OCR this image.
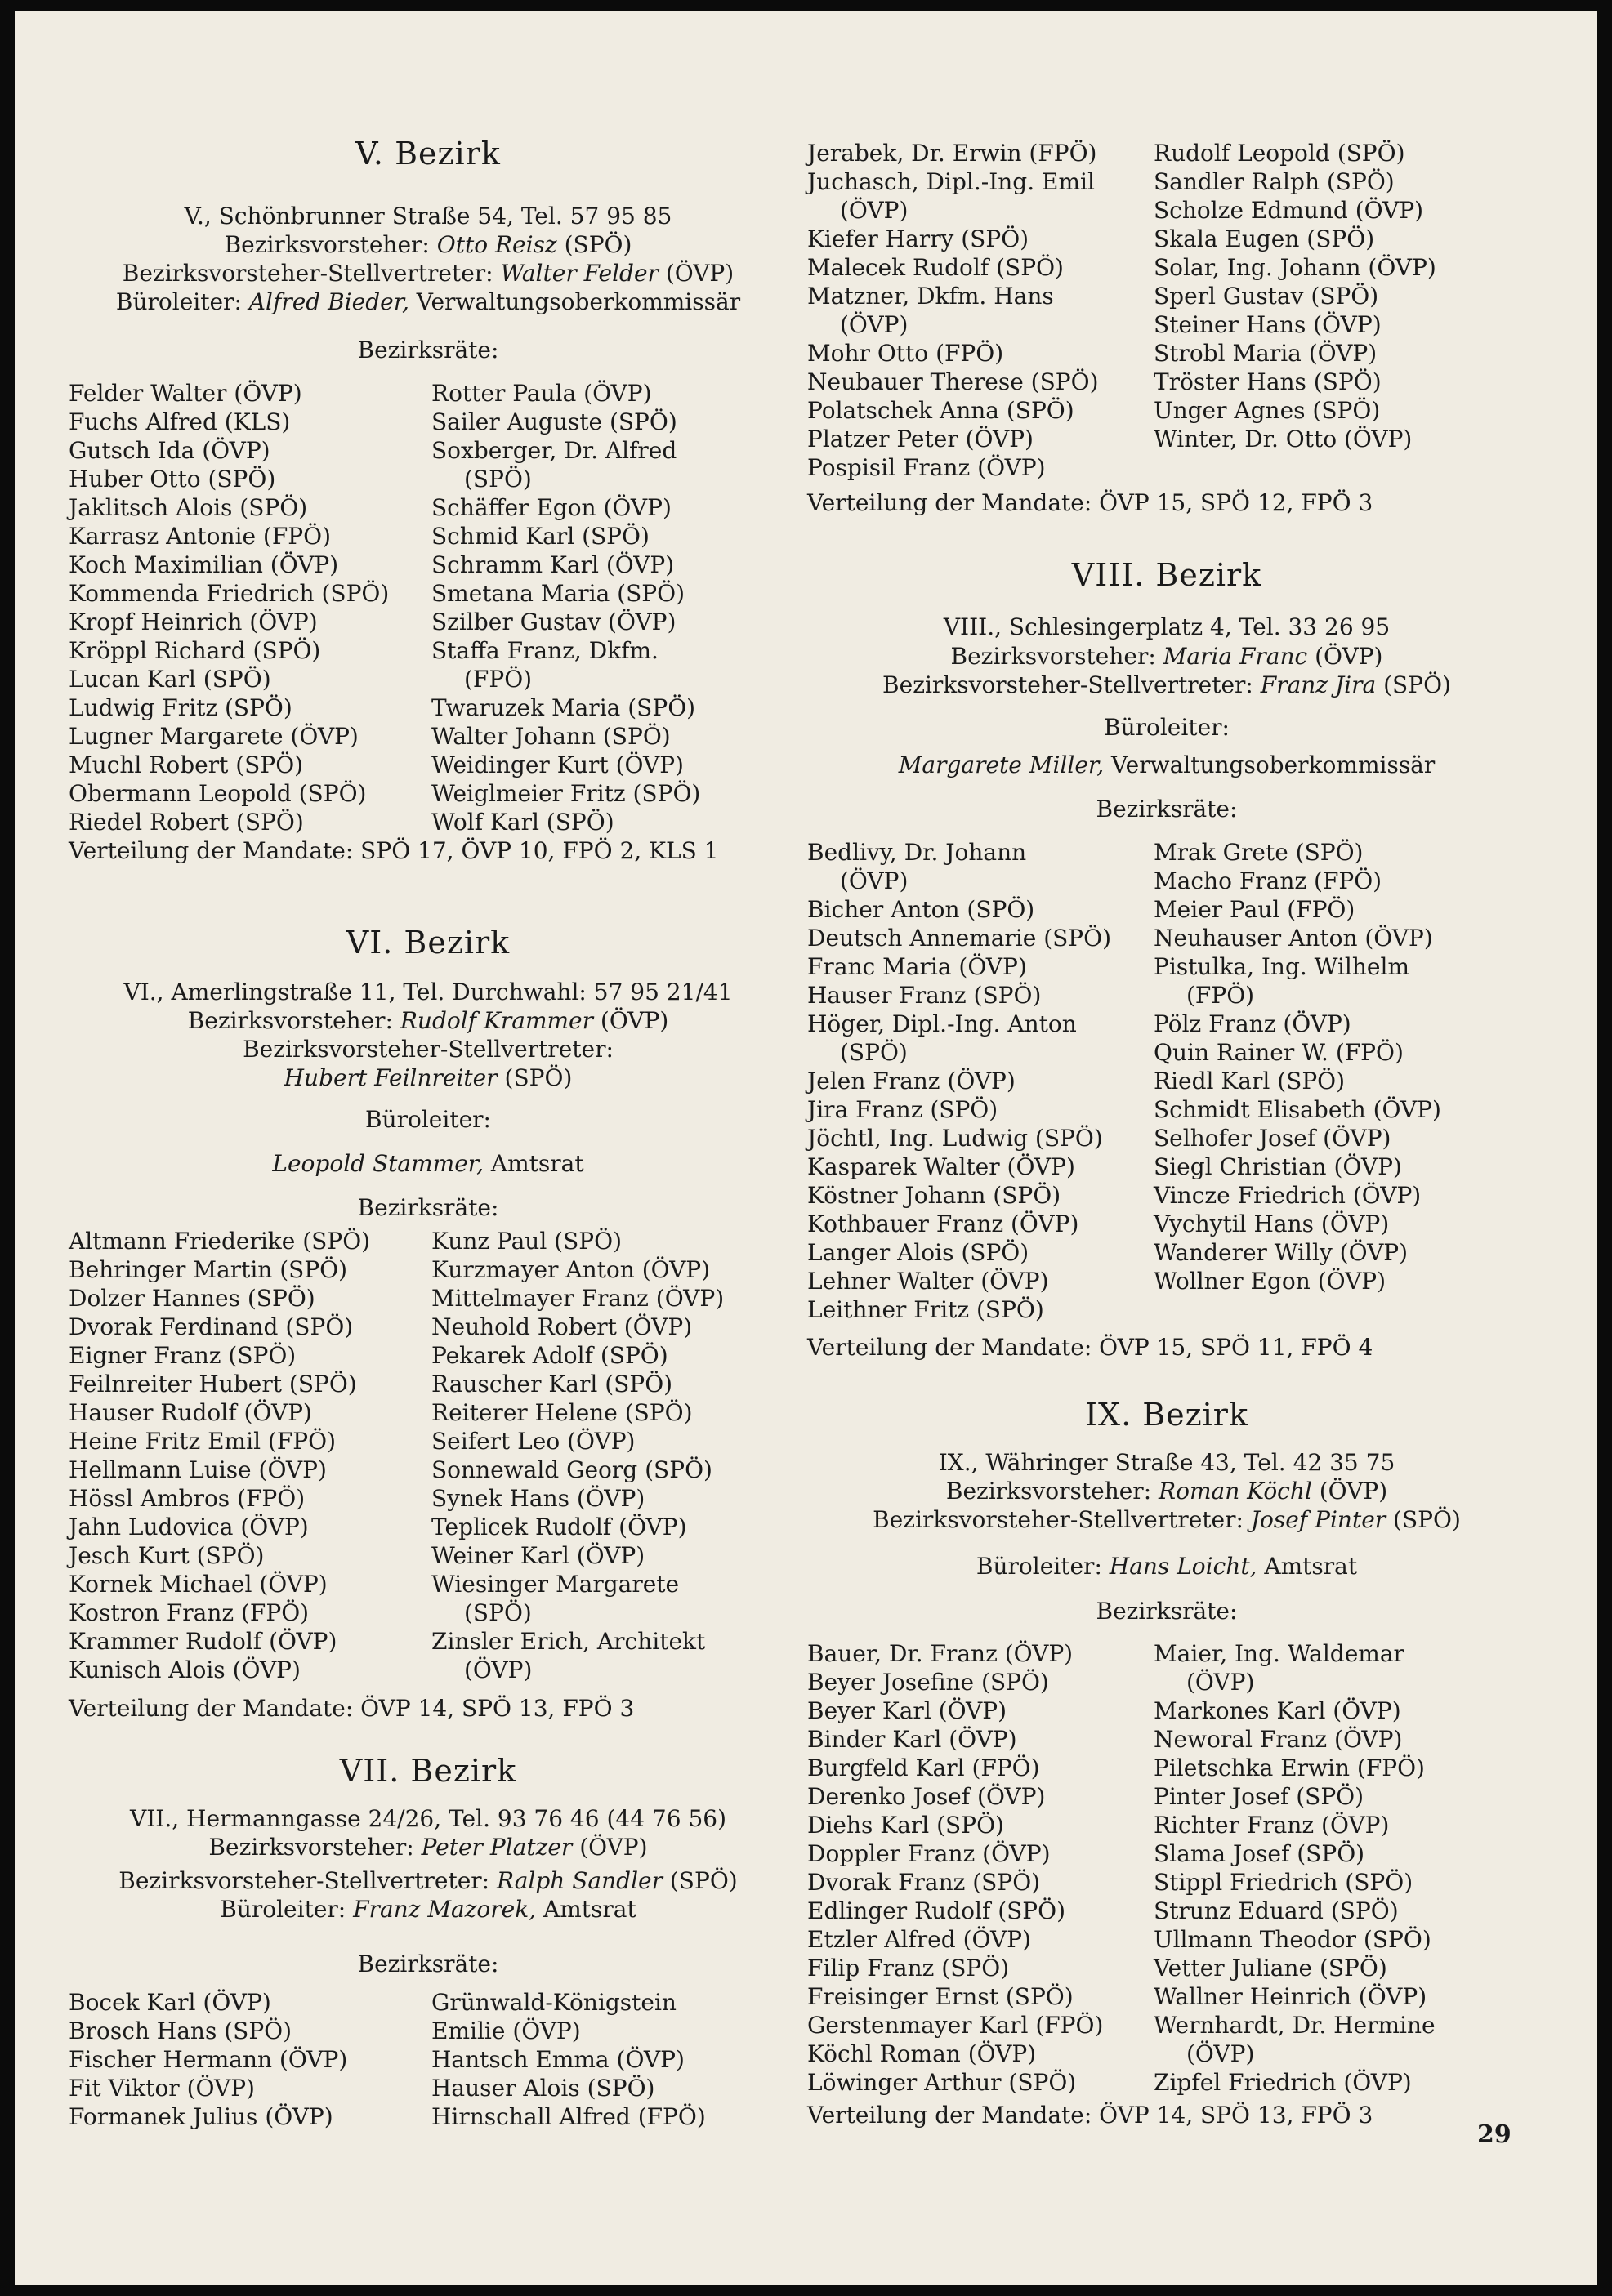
V. Bezirk
V., Schönbrunner Straße 54, Tel. 57 95 85
Bezirksvorsteher: Otto Reisz (SPÖ)
Bezirksvorsteher-Stellvertreter: Walter Felder (ÖVP)
Büroleiter: Alfred Bieder, Verwaltungsoberkommissär
Bezirksräte:
Felder Walter (ÖVP)
Fuchs Alfred (KLS)
Gutsch Ida (ÖVP)
Huber Otto (SPÖ)
Jaklitsch Alois (SPÖ)
Karrasz Antonie (FPÖ)
Koch Maximilian (ÖVP)
Kommenda Friedrich (SPÖ)
Kropf Heinrich (ÖVP)
Kröppl Richard (SPÖ)
Lucan Karl (SPÖ)
Ludwig Fritz (SPÖ)
Lugner Margarete (ÖVP)
Muchl Robert (SPÖ)
Obermann Leopold (SPÖ)
Riedel Robert (SPÖ)
Rotter Paula (ÖVP)
Sailer Auguste (SPÖ)
Soxberger, Dr. Alfred
(SPÖ)
Schäffer Egon (ÖVP)
Schmid Karl (SPÖ)
Schramm Karl (ÖVP)
Smetana Maria (SPÖ)
Szilber Gustav (ÖVP)
Staffa Franz, Dkfm.
(FPÖ)
Twaruzek Maria (SPÖ)
Walter Johann (SPÖ)
Weidinger Kurt (ÖVP)
Weiglmeier Fritz (SPÖ)
Wolf Karl (SPÖ)
Verteilung der Mandate: SPÖ 17, ÖVP 10, FPÖ 2, KLS 1
VI. Bezirk
VI., Amerlingstraße 11, Tel. Durchwahl: 57 95 21/41
Bezirksvorsteher: Rudolf Krammer (ÖVP)
Bezirksvorsteher-Stellvertreter:
Hubert Feilnreiter (SPÖ)
Büroleiter:
Leopold Stammer, Amtsrat
Bezirksräte:
Altmann Friederike (SPÖ)
Behringer Martin (SPÖ)
Dolzer Hannes (SPÖ)
Dvorak Ferdinand (SPÖ)
Eigner Franz (SPÖ)
Feilnreiter Hubert (SPÖ)
Hauser Rudolf (ÖVP)
Heine Fritz Emil (FPÖ)
Hellmann Luise (ÖVP)
Hössl Ambros (FPÖ)
Jahn Ludovica (ÖVP)
Jesch Kurt (SPÖ)
Kornek Michael (ÖVP)
Kostron Franz (FPÖ)
Krammer Rudolf (ÖVP)
Kunisch Alois (ÖVP)
Kunz Paul (SPÖ)
Kurzmayer Anton (ÖVP)
Mittelmayer Franz (ÖVP)
Neuhold Robert (ÖVP)
Pekarek Adolf (SPÖ)
Rauscher Karl (SPÖ)
Reiterer Helene (SPÖ)
Seifert Leo (ÖVP)
Sonnewald Georg (SPÖ)
Synek Hans (ÖVP)
Teplicek Rudolf (ÖVP)
Weiner Karl (ÖVP)
Wiesinger Margarete
(SPÖ)
Zinsler Erich, Architekt
(ÖVP)
Verteilung der Mandate: ÖVP 14, SPÖ 13, FPÖ 3
VII. Bezirk
VII., Hermanngasse 24/26, Tel. 93 76 46 (44 76 56)
Bezirksvorsteher: Peter Platzer (ÖVP)
Bezirksvorsteher-Stellvertreter: Ralph Sandler (SPÖ)
Büroleiter: Franz Mazorek, Amtsrat
Bezirksräte:
Bocek Karl (ÖVP)
Brosch Hans (SPÖ)
Fischer Hermann (ÖVP)
Fit Viktor (ÖVP)
Formanek Julius (ÖVP)
Grünwald-Königstein
Emilie (ÖVP)
Hantsch Emma (ÖVP)
Hauser Alois (SPÖ)
Hirnschall Alfred (FPÖ)
Jerabek, Dr. Erwin (FPÖ)
Juchasch, Dipl.-Ing. Emil
(ÖVP)
Kiefer Harry (SPÖ)
Malecek Rudolf (SPÖ)
Matzner, Dkfm. Hans
(ÖVP)
Mohr Otto (FPÖ)
Neubauer Therese (SPÖ)
Polatschek Anna (SPÖ)
Platzer Peter (ÖVP)
Pospisil Franz (ÖVP)
Rudolf Leopold (SPÖ)
Sandler Ralph (SPÖ)
Scholze Edmund (ÖVP)
Skala Eugen (SPÖ)
Solar, Ing. Johann (ÖVP)
Sperl Gustav (SPÖ)
Steiner Hans (ÖVP)
Strobl Maria (ÖVP)
Tröster Hans (SPÖ)
Unger Agnes (SPÖ)
Winter, Dr. Otto (ÖVP)
Verteilung der Mandate: ÖVP 15, SPÖ 12, FPÖ 3
VIII. Bezirk
VIII., Schlesingerplatz 4, Tel. 33 26 95
Bezirksvorsteher: Maria Franc (ÖVP)
Bezirksvorsteher-Stellvertreter: Franz Jira (SPÖ)
Büroleiter:
Margarete Miller, Verwaltungsoberkommissär
Bezirksräte:
Bedlivy, Dr. Johann
(ÖVP)
Bicher Anton (SPÖ)
Deutsch Annemarie (SPÖ)
Franc Maria (ÖVP)
Hauser Franz (SPÖ)
Höger, Dipl.-Ing. Anton
(SPÖ)
Jelen Franz (ÖVP)
Jira Franz (SPÖ)
Jöchtl, Ing. Ludwig (SPÖ)
Kasparek Walter (ÖVP)
Köstner Johann (SPÖ)
Kothbauer Franz (ÖVP)
Langer Alois (SPÖ)
Lehner Walter (ÖVP)
Leithner Fritz (SPÖ)
Mrak Grete (SPÖ)
Macho Franz (FPÖ)
Meier Paul (FPÖ)
Neuhauser Anton (ÖVP)
Pistulka, Ing. Wilhelm
(FPÖ)
Pölz Franz (ÖVP)
Quin Rainer W. (FPÖ)
Riedl Karl (SPÖ)
Schmidt Elisabeth (ÖVP)
Selhofer Josef (ÖVP)
Siegl Christian (ÖVP)
Vincze Friedrich (ÖVP)
Vychytil Hans (ÖVP)
Wanderer Willy (ÖVP)
Wollner Egon (ÖVP)
Verteilung der Mandate: ÖVP 15, SPÖ 11, FPÖ 4
IX. Bezirk
IX., Währinger Straße 43, Tel. 42 35 75
Bezirksvorsteher: Roman Köchl (ÖVP)
Bezirksvorsteher-Stellvertreter: Josef Pinter (SPÖ)
Büroleiter: Hans Loicht, Amtsrat
Bezirksräte:
Bauer, Dr. Franz (ÖVP)
Beyer Josefine (SPÖ)
Beyer Karl (ÖVP)
Binder Karl (ÖVP)
Burgfeld Karl (FPÖ)
Derenko Josef (ÖVP)
Diehs Karl (SPÖ)
Doppler Franz (ÖVP)
Dvorak Franz (SPÖ)
Edlinger Rudolf (SPÖ)
Etzler Alfred (ÖVP)
Filip Franz (SPÖ)
Freisinger Ernst (SPÖ)
Gerstenmayer Karl (FPÖ)
Köchl Roman (ÖVP)
Löwinger Arthur (SPÖ)
Maier, Ing. Waldemar
(ÖVP)
Markones Karl (ÖVP)
Neworal Franz (ÖVP)
Piletschka Erwin (FPÖ)
Pinter Josef (SPÖ)
Richter Franz (ÖVP)
Slama Josef (SPÖ)
Stippl Friedrich (SPÖ)
Strunz Eduard (SPÖ)
Ullmann Theodor (SPÖ)
Vetter Juliane (SPÖ)
Wallner Heinrich (ÖVP)
Wernhardt, Dr. Hermine
(ÖVP)
Zipfel Friedrich (ÖVP)
Verteilung der Mandate: ÖVP 14, SPÖ 13, FPÖ 3
29
